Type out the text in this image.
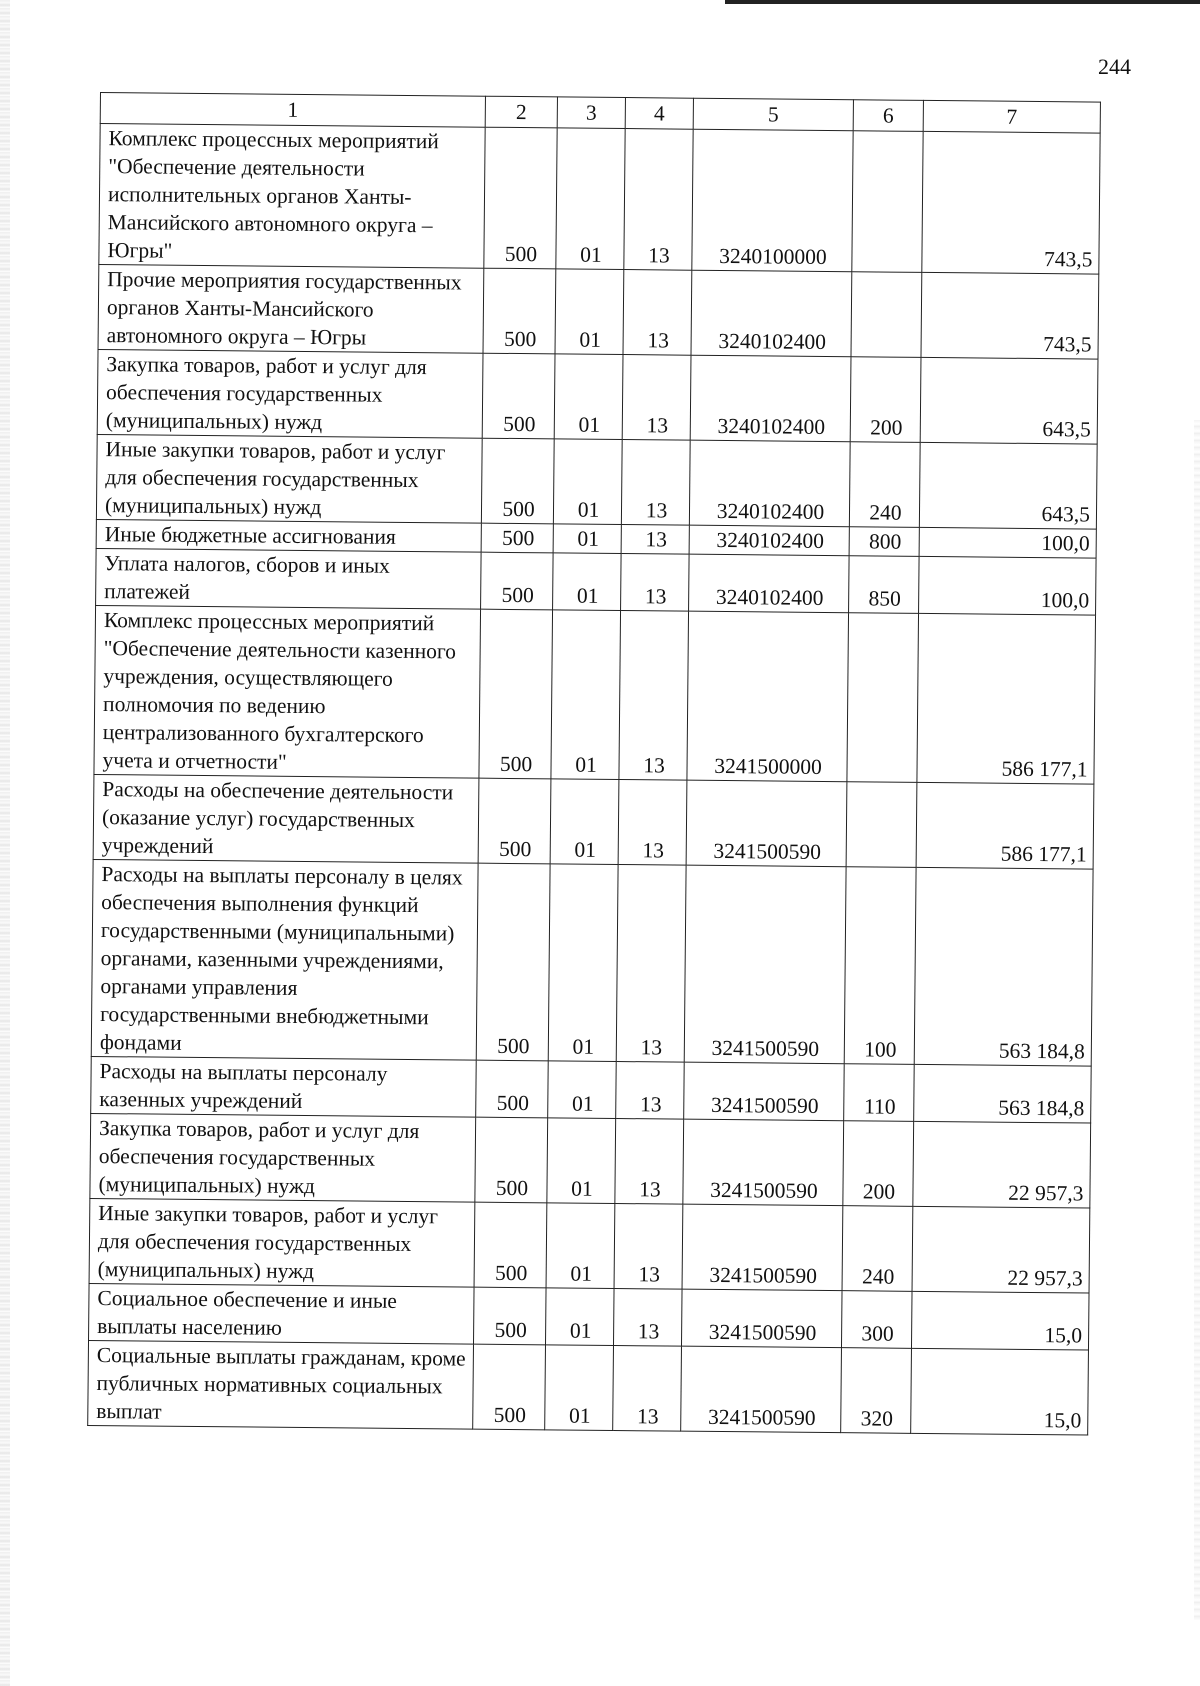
244
1	2	3	4	5	6	7
Комплекс процессных мероприятий "Обеспечение деятельности исполнительных органов Ханты-Мансийского автономного округа – Югры"	500	01	13	3240100000		743,5
Прочие мероприятия государственных органов Ханты-Мансийского автономного округа – Югры	500	01	13	3240102400		743,5
Закупка товаров, работ и услуг для обеспечения государственных (муниципальных) нужд	500	01	13	3240102400	200	643,5
Иные закупки товаров, работ и услуг для обеспечения государственных (муниципальных) нужд	500	01	13	3240102400	240	643,5
Иные бюджетные ассигнования	500	01	13	3240102400	800	100,0
Уплата налогов, сборов и иных платежей	500	01	13	3240102400	850	100,0
Комплекс процессных мероприятий "Обеспечение деятельности казенного учреждения, осуществляющего полномочия по ведению централизованного бухгалтерского учета и отчетности"	500	01	13	3241500000		586 177,1
Расходы на обеспечение деятельности (оказание услуг) государственных учреждений	500	01	13	3241500590		586 177,1
Расходы на выплаты персоналу в целях обеспечения выполнения функций государственными (муниципальными) органами, казенными учреждениями, органами управления государственными внебюджетными фондами	500	01	13	3241500590	100	563 184,8
Расходы на выплаты персоналу казенных учреждений	500	01	13	3241500590	110	563 184,8
Закупка товаров, работ и услуг для обеспечения государственных (муниципальных) нужд	500	01	13	3241500590	200	22 957,3
Иные закупки товаров, работ и услуг для обеспечения государственных (муниципальных) нужд	500	01	13	3241500590	240	22 957,3
Социальное обеспечение и иные выплаты населению	500	01	13	3241500590	300	15,0
Социальные выплаты гражданам, кроме публичных нормативных социальных выплат	500	01	13	3241500590	320	15,0
